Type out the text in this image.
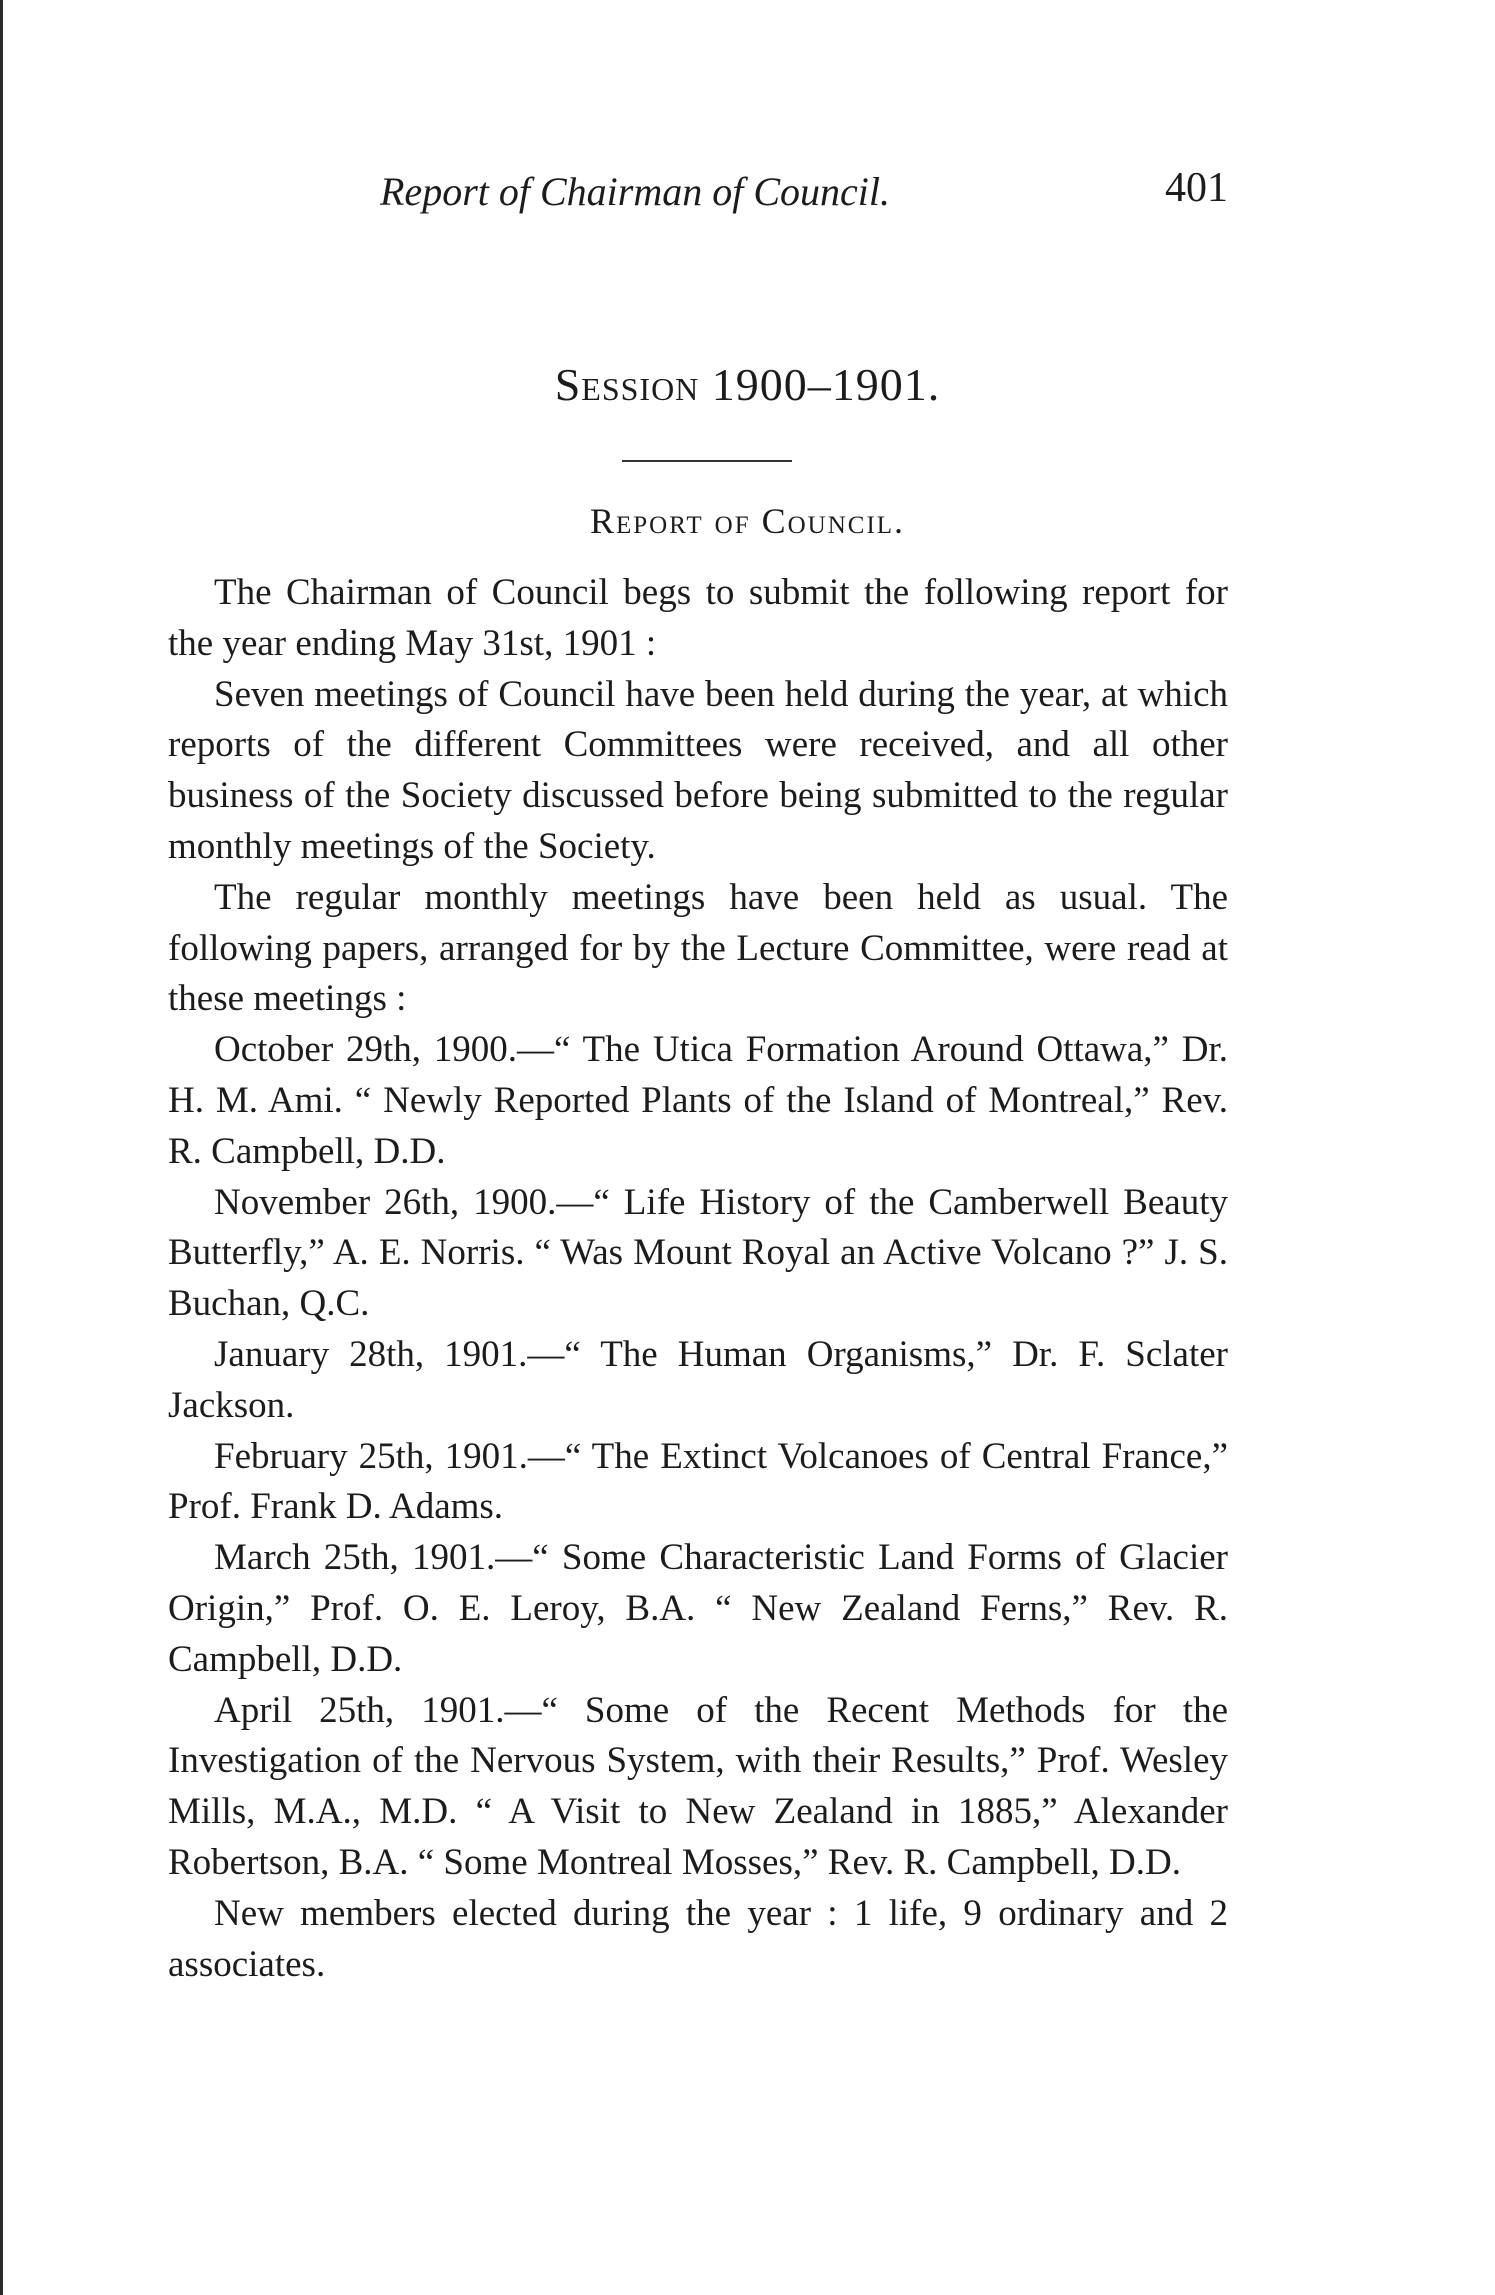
Report of Chairman of Council.	401
Session 1900–1901.
Report of Council.

The Chairman of Council begs to submit the following report for the year ending May 31st, 1901 :

Seven meetings of Council have been held during the year, at which reports of the different Committees were received, and all other business of the Society discussed before being submitted to the regular monthly meetings of the Society.

The regular monthly meetings have been held as usual. The following papers, arranged for by the Lecture Committee, were read at these meetings :

October 29th, 1900.—“ The Utica Formation Around Ottawa,” Dr. H. M. Ami. “ Newly Reported Plants of the Island of Montreal,” Rev. R. Campbell, D.D.

November 26th, 1900.—“ Life History of the Camberwell Beauty Butterfly,” A. E. Norris. “ Was Mount Royal an Active Volcano ?” J. S. Buchan, Q.C.

January 28th, 1901.—“ The Human Organisms,” Dr. F. Sclater Jackson.

February 25th, 1901.—“ The Extinct Volcanoes of Central France,” Prof. Frank D. Adams.

March 25th, 1901.—“ Some Characteristic Land Forms of Glacier Origin,” Prof. O. E. Leroy, B.A. “ New Zealand Ferns,” Rev. R. Campbell, D.D.

April 25th, 1901.—“ Some of the Recent Methods for the Investigation of the Nervous System, with their Results,” Prof. Wesley Mills, M.A., M.D. “ A Visit to New Zealand in 1885,” Alexander Robertson, B.A. “ Some Montreal Mosses,” Rev. R. Campbell, D.D.

New members elected during the year : 1 life, 9 ordinary and 2 associates.
